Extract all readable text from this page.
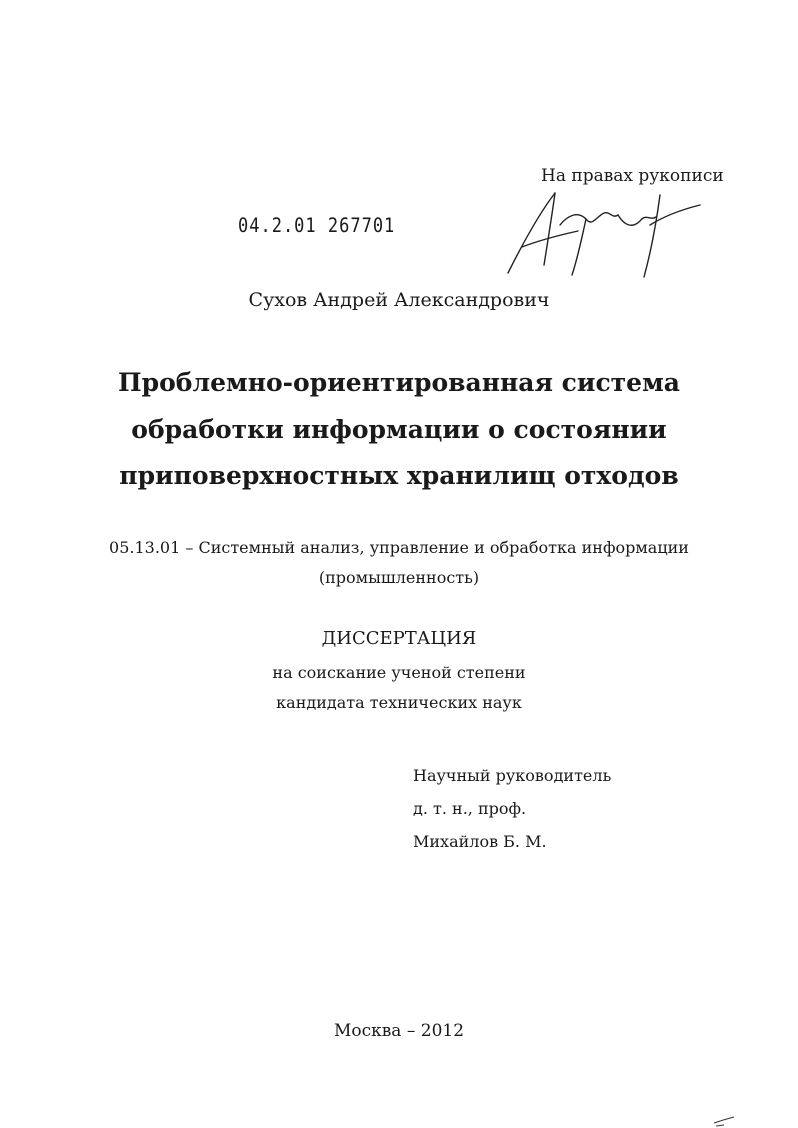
На правах рукописи
04.2.01 267701
Сухов Андрей Александрович
Проблемно-ориентированная система
обработки информации о состоянии
приповерхностных хранилищ отходов
05.13.01 – Системный анализ, управление и обработка информации
(промышленность)
ДИССЕРТАЦИЯ
на соискание ученой степени
кандидата технических наук
Научный руководитель
д. т. н., проф.
Михайлов Б. М.
Москва – 2012
